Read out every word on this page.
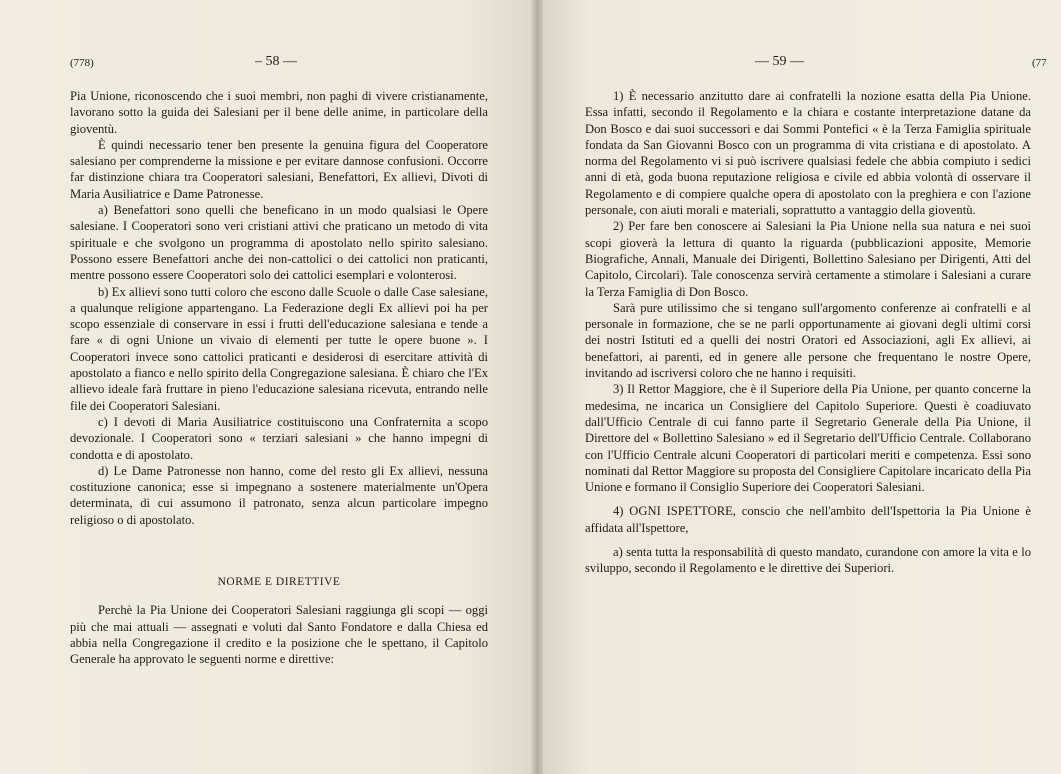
(778)	– 58 —

Pia Unione, riconoscendo che i suoi membri, non paghi di vivere cristianamente, lavorano sotto la guida dei Salesiani per il bene delle anime, in particolare della gioventù.

È quindi necessario tener ben presente la genuina figura del Cooperatore salesiano per comprenderne la missione e per evitare dannose confusioni. Occorre far distinzione chiara tra Cooperatori salesiani, Benefattori, Ex allievi, Divoti di Maria Ausiliatrice e Dame Patronesse.

a) Benefattori sono quelli che beneficano in un modo qualsiasi le Opere salesiane. I Cooperatori sono veri cristiani attivi che praticano un metodo di vita spirituale e che svolgono un programma di apostolato nello spirito salesiano. Possono essere Benefattori anche dei non-cattolici o dei cattolici non praticanti, mentre possono essere Cooperatori solo dei cattolici esemplari e volonterosi.

b) Ex allievi sono tutti coloro che escono dalle Scuole o dalle Case salesiane, a qualunque religione appartengano. La Federazione degli Ex allievi poi ha per scopo essenziale di conservare in essi i frutti dell'educazione salesiana e tende a fare « di ogni Unione un vivaio di elementi per tutte le opere buone ». I Cooperatori invece sono cattolici praticanti e desiderosi di esercitare attività di apostolato a fianco e nello spirito della Congregazione salesiana. È chiaro che l'Ex allievo ideale farà fruttare in pieno l'educazione salesiana ricevuta, entrando nelle file dei Cooperatori Salesiani.

c) I devoti di Maria Ausiliatrice costituiscono una Confraternita a scopo devozionale. I Cooperatori sono « terziari salesiani » che hanno impegni di condotta e di apostolato.

d) Le Dame Patronesse non hanno, come del resto gli Ex allievi, nessuna costituzione canonica; esse si impegnano a sostenere materialmente un'Opera determinata, di cui assumono il patronato, senza alcun particolare impegno religioso o di apostolato.

NORME E DIRETTIVE

Perchè la Pia Unione dei Cooperatori Salesiani raggiunga gli scopi — oggi più che mai attuali — assegnati e voluti dal Santo Fondatore e dalla Chiesa ed abbia nella Congregazione il credito e la posizione che le spettano, il Capitolo Generale ha approvato le seguenti norme e direttive:

— 59 —	(77

1) È necessario anzitutto dare ai confratelli la nozione esatta della Pia Unione. Essa infatti, secondo il Regolamento e la chiara e costante interpretazione datane da Don Bosco e dai suoi successori e dai Sommi Pontefici « è la Terza Famiglia spirituale fondata da San Giovanni Bosco con un programma di vita cristiana e di apostolato. A norma del Regolamento vi si può iscrivere qualsiasi fedele che abbia compiuto i sedici anni di età, goda buona reputazione religiosa e civile ed abbia volontà di osservare il Regolamento e di compiere qualche opera di apostolato con la preghiera e con l'azione personale, con aiuti morali e materiali, soprattutto a vantaggio della gioventù.

2) Per fare ben conoscere ai Salesiani la Pia Unione nella sua natura e nei suoi scopi gioverà la lettura di quanto la riguarda (pubblicazioni apposite, Memorie Biografiche, Annali, Manuale dei Dirigenti, Bollettino Salesiano per Dirigenti, Atti del Capitolo, Circolari). Tale conoscenza servirà certamente a stimolare i Salesiani a curare la Terza Famiglia di Don Bosco.

Sarà pure utilissimo che si tengano sull'argomento conferenze ai confratelli e al personale in formazione, che se ne parli opportunamente ai giovani degli ultimi corsi dei nostri Istituti ed a quelli dei nostri Oratori ed Associazioni, agli Ex allievi, ai benefattori, ai parenti, ed in genere alle persone che frequentano le nostre Opere, invitando ad iscriversi coloro che ne hanno i requisiti.

3) Il Rettor Maggiore, che è il Superiore della Pia Unione, per quanto concerne la medesima, ne incarica un Consigliere del Capitolo Superiore. Questi è coadiuvato dall'Ufficio Centrale di cui fanno parte il Segretario Generale della Pia Unione, il Direttore del « Bollettino Salesiano » ed il Segretario dell'Ufficio Centrale. Collaborano con l'Ufficio Centrale alcuni Cooperatori di particolari meriti e competenza. Essi sono nominati dal Rettor Maggiore su proposta del Consigliere Capitolare incaricato della Pia Unione e formano il Consiglio Superiore dei Cooperatori Salesiani.

4) OGNI ISPETTORE, conscio che nell'ambito dell'Ispettoria la Pia Unione è affidata all'Ispettore,

a) senta tutta la responsabilità di questo mandato, curandone con amore la vita e lo sviluppo, secondo il Regolamento e le direttive dei Superiori.
